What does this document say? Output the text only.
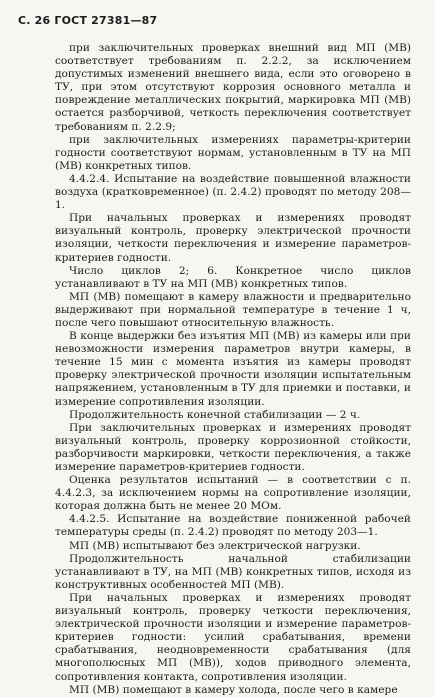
С. 26 ГОСТ 27381—87

при заключительных проверках внешний вид МП (МВ) соответствует требованиям п. 2.2.2, за исключением допустимых изменений внешнего вида, если это оговорено в ТУ, при этом отсутствуют коррозия основного металла и повреждение металлических покрытий, маркировка МП (МВ) остается разборчивой, четкость переключения соответствует требованиям п. 2.2.9;

при заключительных измерениях параметры-критерии годности соответствуют нормам, установленным в ТУ на МП (МВ) конкретных типов.

4.4.2.4. Испытание на воздействие повышенной влажности воздуха (кратковременное) (п. 2.4.2) проводят по методу 208—1.

При начальных проверках и измерениях проводят визуальный контроль, проверку электрической прочности изоляции, четкости переключения и измерение параметров-критериев годности.

Число циклов 2; 6. Конкретное число циклов устанавливают в ТУ на МП (МВ) конкретных типов.

МП (МВ) помещают в камеру влажности и предварительно выдерживают при нормальной температуре в течение 1 ч, после чего повышают относительную влажность.

В конце выдержки без изъятия МП (МВ) из камеры или при невозможности измерения параметров внутри камеры, в течение 15 мин с момента изъятия из камеры проводят проверку электрической прочности изоляции испытательным напряжением, установленным в ТУ для приемки и поставки, и измерение сопротивления изоляции.

Продолжительность конечной стабилизации — 2 ч.

При заключительных проверках и измерениях проводят визуальный контроль, проверку коррозионной стойкости, разборчивости маркировки, четкости переключения, а также измерение параметров-критериев годности.

Оценка результатов испытаний — в соответствии с п. 4.4.2.3, за исключением нормы на сопротивление изоляции, которая должна быть не менее 20 МОм.

4.4.2.5. Испытание на воздействие пониженной рабочей температуры среды (п. 2.4.2) проводят по методу 203—1.

МП (МВ) испытывают без электрической нагрузки.

Продолжительность начальной стабилизации устанавливают в ТУ, на МП (МВ) конкретных типов, исходя из конструктивных особенностей МП (МВ).

При начальных проверках и измерениях проводят визуальный контроль, проверку четкости переключения, электрической прочности изоляции и измерение параметров-критериев годности: усилий срабатывания, времени срабатывания, неодновременности срабатывания (для многополюсных МП (МВ)), ходов приводного элемента, сопротивления контакта, сопротивления изоляции.

МП (МВ) помещают в камеру холода, после чего в камере
